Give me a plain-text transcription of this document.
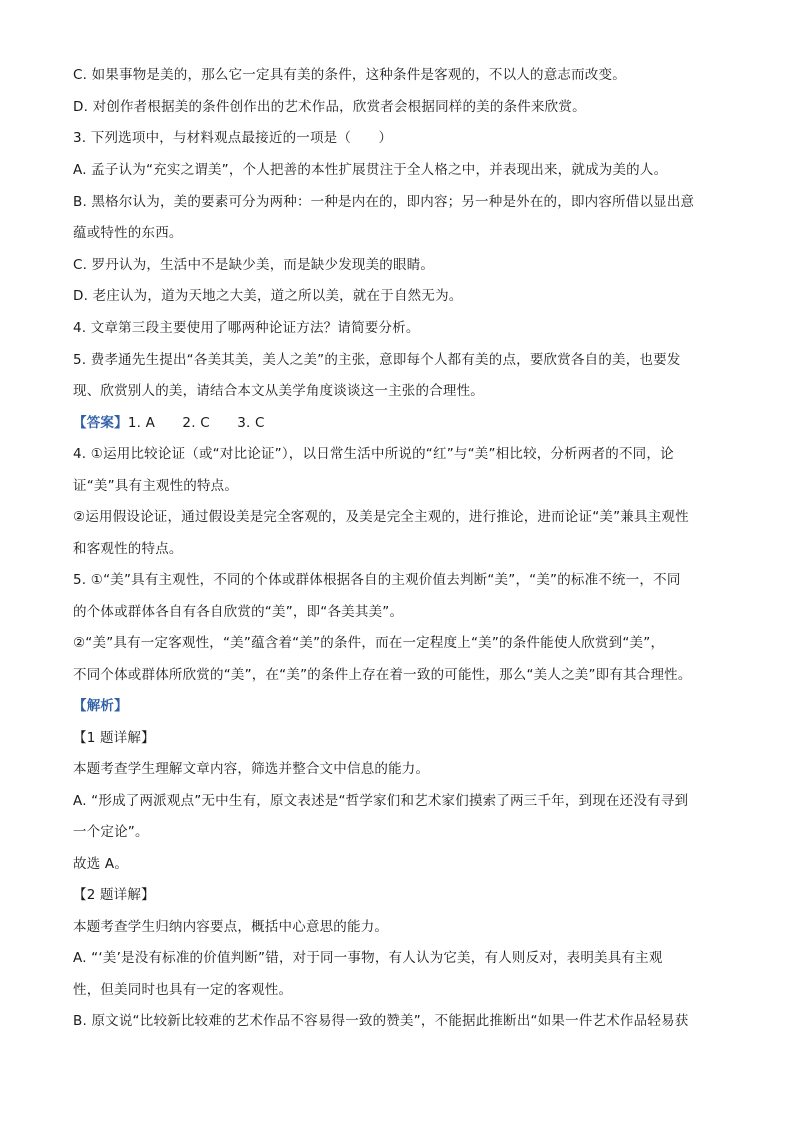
C. 如果事物是美的，那么它一定具有美的条件，这种条件是客观的，不以人的意志而改变。
D. 对创作者根据美的条件创作出的艺术作品，欣赏者会根据同样的美的条件来欣赏。
3. 下列选项中，与材料观点最接近的一项是（　　）
A. 孟子认为“充实之谓美”，个人把善的本性扩展贯注于全人格之中，并表现出来，就成为美的人。
B. 黑格尔认为，美的要素可分为两种：一种是内在的，即内容；另一种是外在的，即内容所借以显出意
蕴或特性的东西。
C. 罗丹认为，生活中不是缺少美，而是缺少发现美的眼睛。
D. 老庄认为，道为天地之大美，道之所以美，就在于自然无为。
4. 文章第三段主要使用了哪两种论证方法？请简要分析。
5. 费孝通先生提出“各美其美，美人之美”的主张，意即每个人都有美的点，要欣赏各自的美，也要发
现、欣赏别人的美，请结合本文从美学角度谈谈这一主张的合理性。
【答案】1. A　　2. C　　3. C
4. ①运用比较论证（或“对比论证”），以日常生活中所说的“红”与“美”相比较，分析两者的不同，论
证“美”具有主观性的特点。
②运用假设论证，通过假设美是完全客观的，及美是完全主观的，进行推论，进而论证“美”兼具主观性
和客观性的特点。
5. ①“美”具有主观性，不同的个体或群体根据各自的主观价值去判断“美”，“美”的标准不统一，不同
的个体或群体各自有各自欣赏的“美”，即“各美其美”。
②“美”具有一定客观性，“美”蕴含着“美”的条件，而在一定程度上“美”的条件能使人欣赏到“美”，
不同个体或群体所欣赏的“美”，在“美”的条件上存在着一致的可能性，那么“美人之美”即有其合理性。
【解析】
【1 题详解】
本题考查学生理解文章内容，筛选并整合文中信息的能力。
A. “形成了两派观点”无中生有，原文表述是“哲学家们和艺术家们摸索了两三千年，到现在还没有寻到
一个定论”。
故选 A。
【2 题详解】
本题考查学生归纳内容要点，概括中心意思的能力。
A. “‘美’是没有标准的价值判断”错，对于同一事物，有人认为它美，有人则反对，表明美具有主观
性，但美同时也具有一定的客观性。
B. 原文说“比较新比较难的艺术作品不容易得一致的赞美”，不能据此推断出“如果一件艺术作品轻易获
